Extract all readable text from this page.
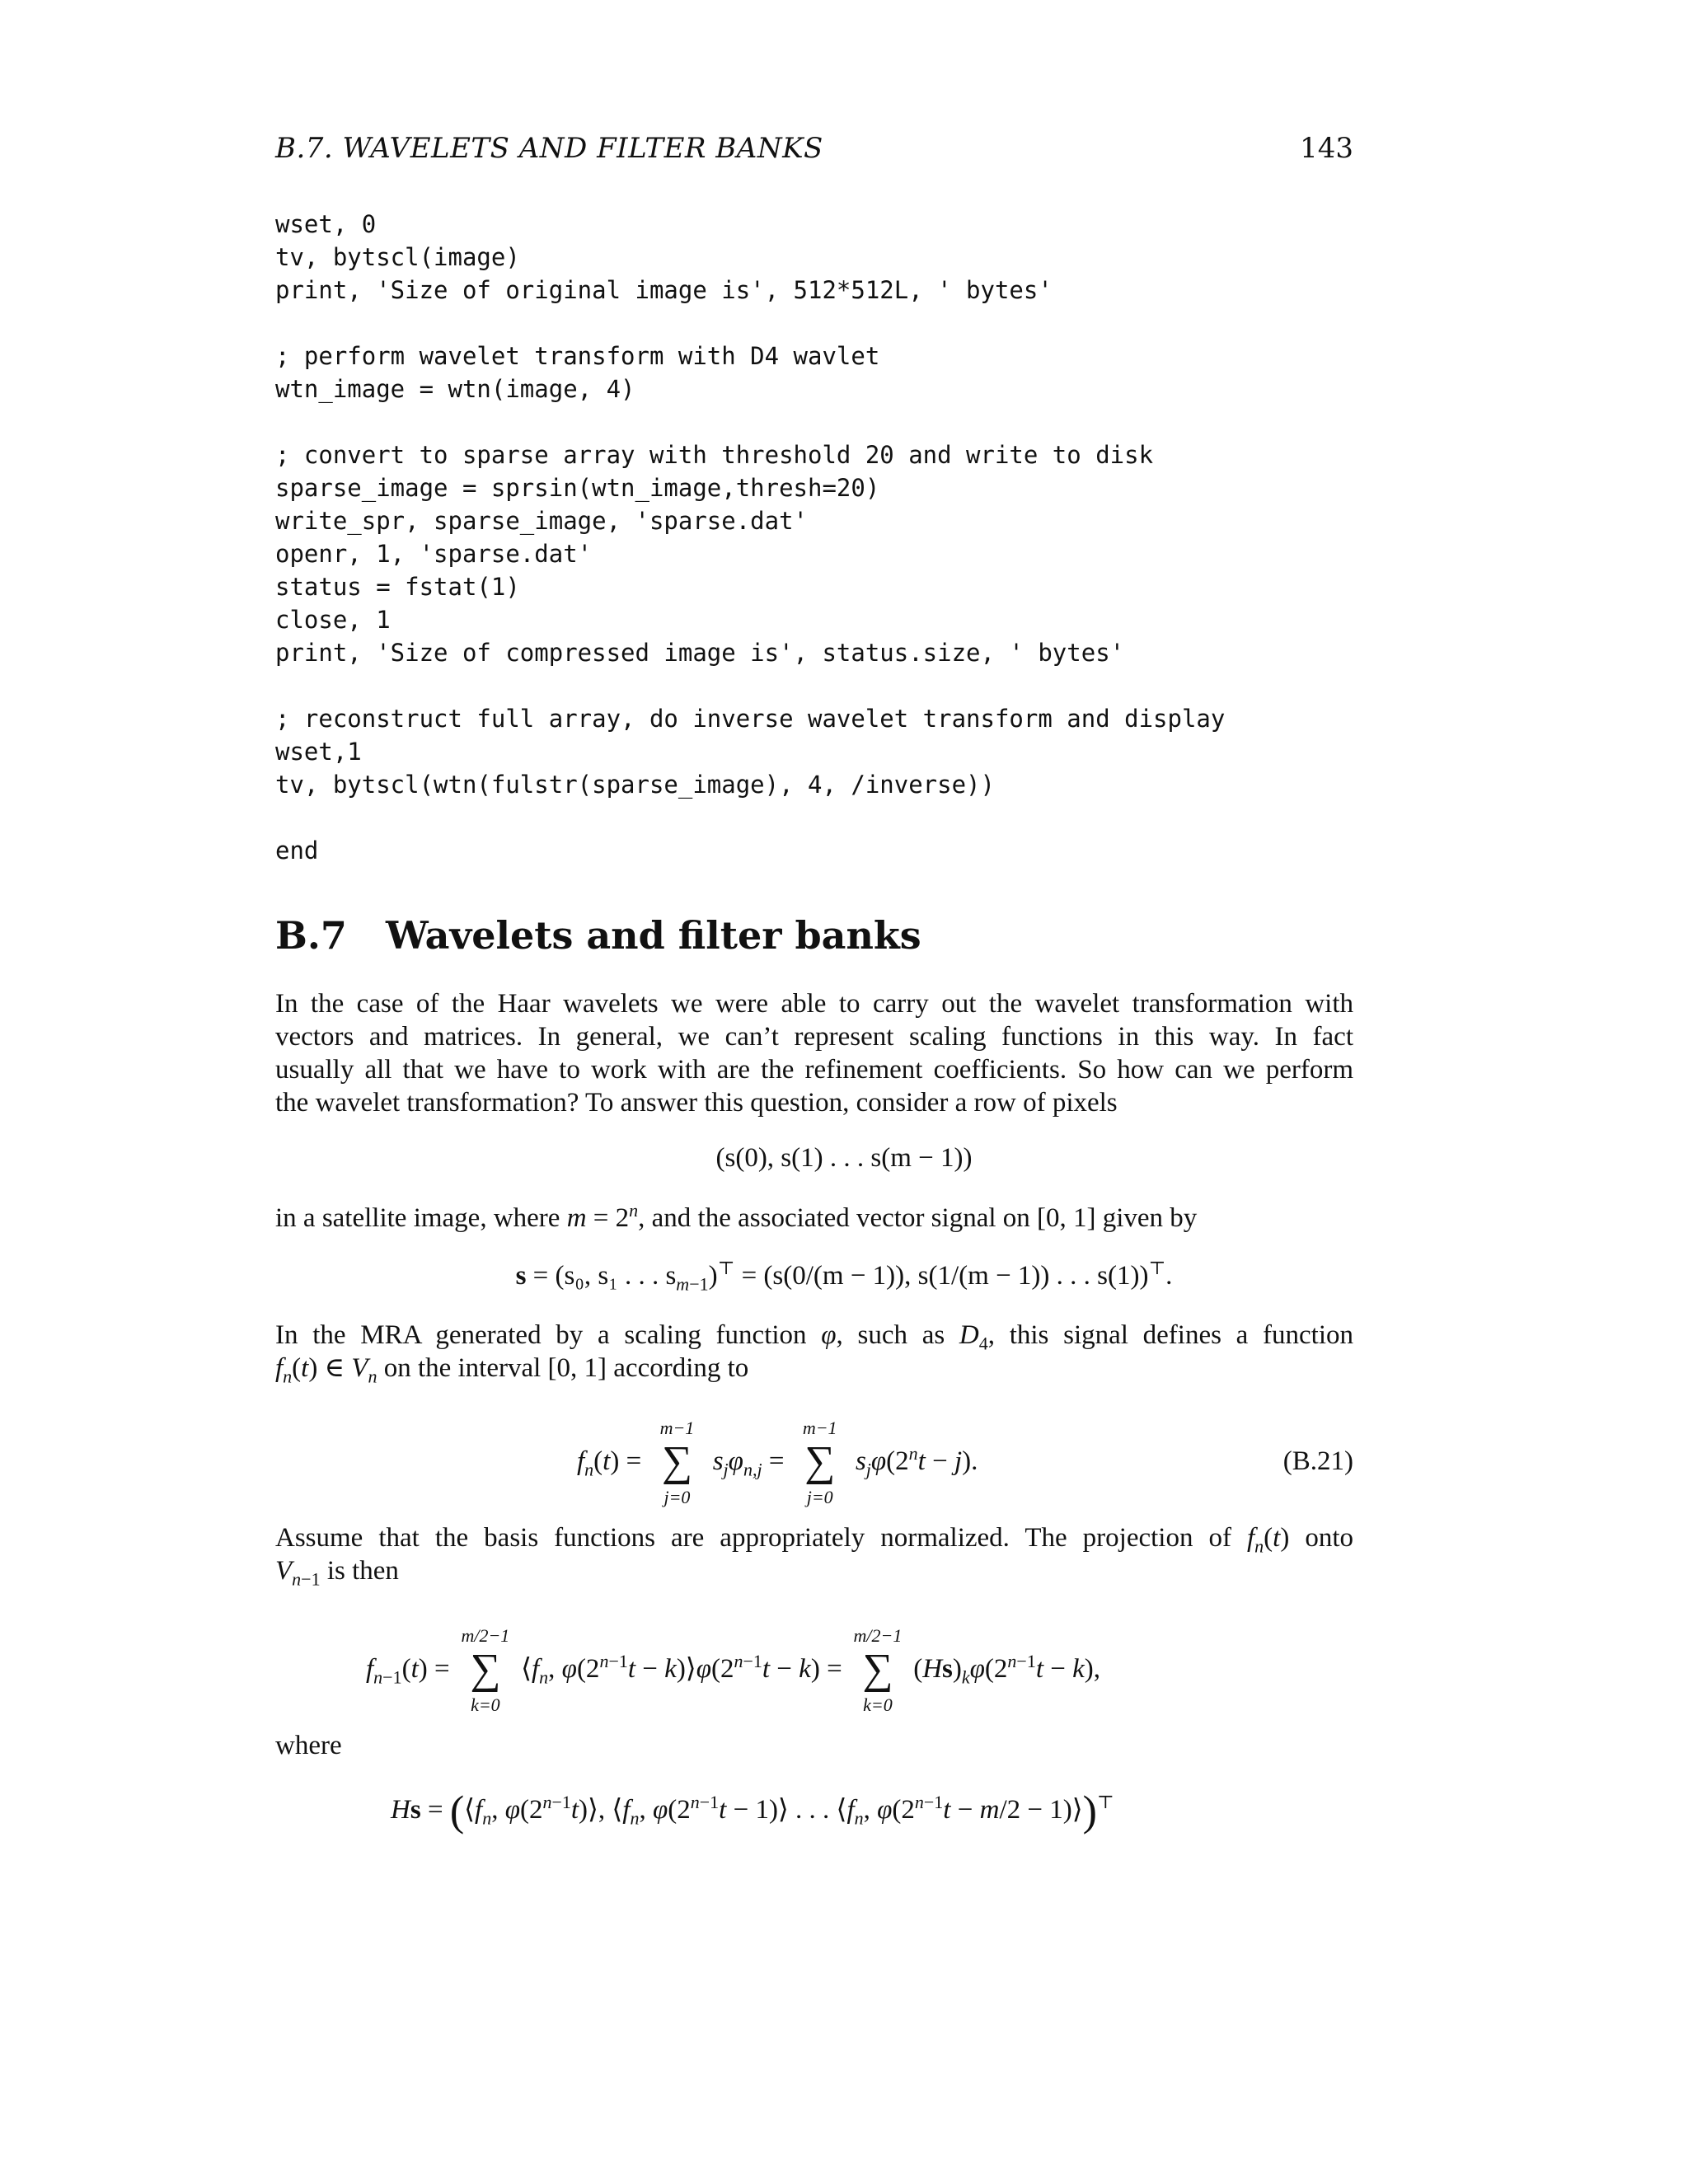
B.7. WAVELETS AND FILTER BANKS	143
wset, 0
tv, bytscl(image)
print, 'Size of original image is', 512*512L, ' bytes'
; perform wavelet transform with D4 wavlet
wtn_image = wtn(image, 4)
; convert to sparse array with threshold 20 and write to disk
sparse_image = sprsin(wtn_image,thresh=20)
write_spr, sparse_image, 'sparse.dat'
openr, 1, 'sparse.dat'
status = fstat(1)
close, 1
print, 'Size of compressed image is', status.size, ' bytes'
; reconstruct full array, do inverse wavelet transform and display
wset,1
tv, bytscl(wtn(fulstr(sparse_image), 4, /inverse))
end
B.7 Wavelets and filter banks
In the case of the Haar wavelets we were able to carry out the wavelet transformation with
vectors and matrices. In general, we can’t represent scaling functions in this way. In fact
usually all that we have to work with are the refinement coefficients. So how can we perform
the wavelet transformation? To answer this question, consider a row of pixels
(s(0), s(1) . . . s(m − 1))
in a satellite image, where $m = 2^n$, and the associated vector signal on [0, 1] given by
s = (s₀, s₁ . . . $s_{m-1})^⊤ = (s(0/(m - 1))$, s(1/(m − 1)) . . . s(1))⊤.
In the MRA generated by a scaling function φ, such as $D_4$, this signal defines a function
$f_n(t)$ ∈ $V_n$ on the interval [0, 1] according to
$f_n(t)$ =
m−1
∑
j=0
$s_j\varphi_{n,j}$ =
m−1
∑
j=0
$s_j\varphi(2^nt - j)$.	(B.21)
Assume that the basis functions are appropriately normalized. The projection of $f_n(t)$ onto
$V_{n-1}$ is then
$f_{n-1}(t)$ =
m/2−1
∑
k=0
$⟨f_n$, $\varphi(2^{n-1}t$ − $k)⟩\varphi(2^{n-1}t - k)$ =
m/2−1
∑
k=0
$(Hs)_k\varphi(2^{n-1}t - k)$,
where
$Hs = (⟨f_n$, $\varphi(2^{n-1}t)⟩$, $⟨f_n$, $\varphi(2^{n-1}t$ − 1)⟩ . . . $⟨f_n$, $\varphi(2^{n-1}t - m/2$ − 1)⟩)⊤
